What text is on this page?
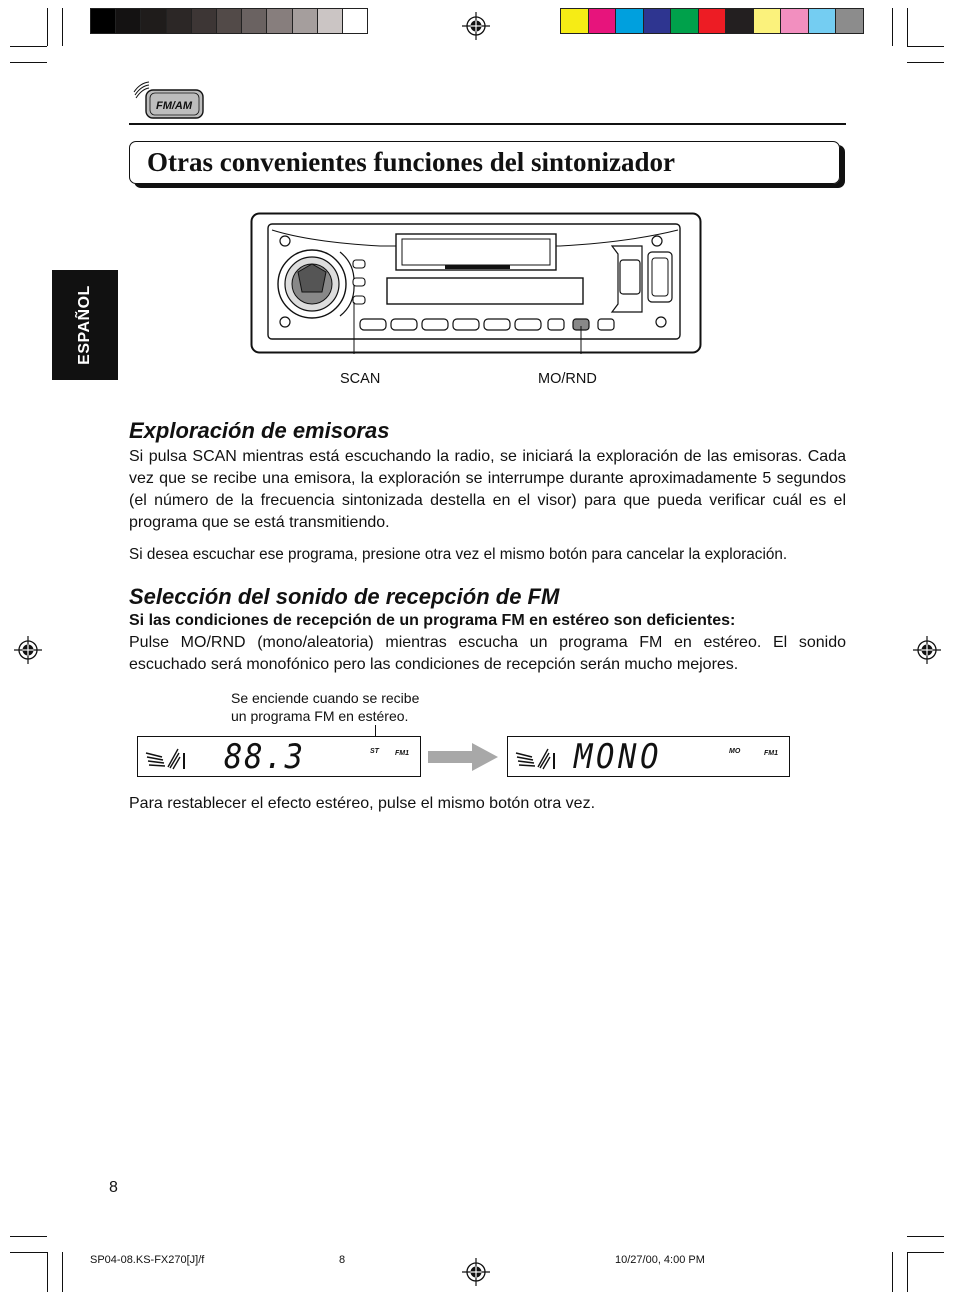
FM/AM
Otras convenientes funciones del sintonizador
ESPAÑOL
SCAN	MO/RND
Exploración de emisoras

Si pulsa SCAN mientras está escuchando la radio, se iniciará la exploración de las emisoras. Cada vez que se recibe una emisora, la exploración se interrumpe durante aproximadamente 5 segundos (el número de la frecuencia sintonizada destella en el visor) para que pueda verificar cuál es el programa que se está transmitiendo.

Si desea escuchar ese programa, presione otra vez el mismo botón para cancelar la exploración.

Selección del sonido de recepción de FM

Si las condiciones de recepción de un programa FM en estéreo son deficientes:

Pulse MO/RND (mono/aleatoria) mientras escucha un programa FM en estéreo. El sonido escuchado será monofónico pero las condiciones de recepción serán mucho mejores.

Se enciende cuando se recibe
un programa FM en estéreo.
88.3	ST FM1	MONO	MO	FM1

Para restablecer el efecto estéreo, pulse el mismo botón otra vez.

8
SP04-08.KS-FX270[J]/f	8	10/27/00, 4:00 PM
